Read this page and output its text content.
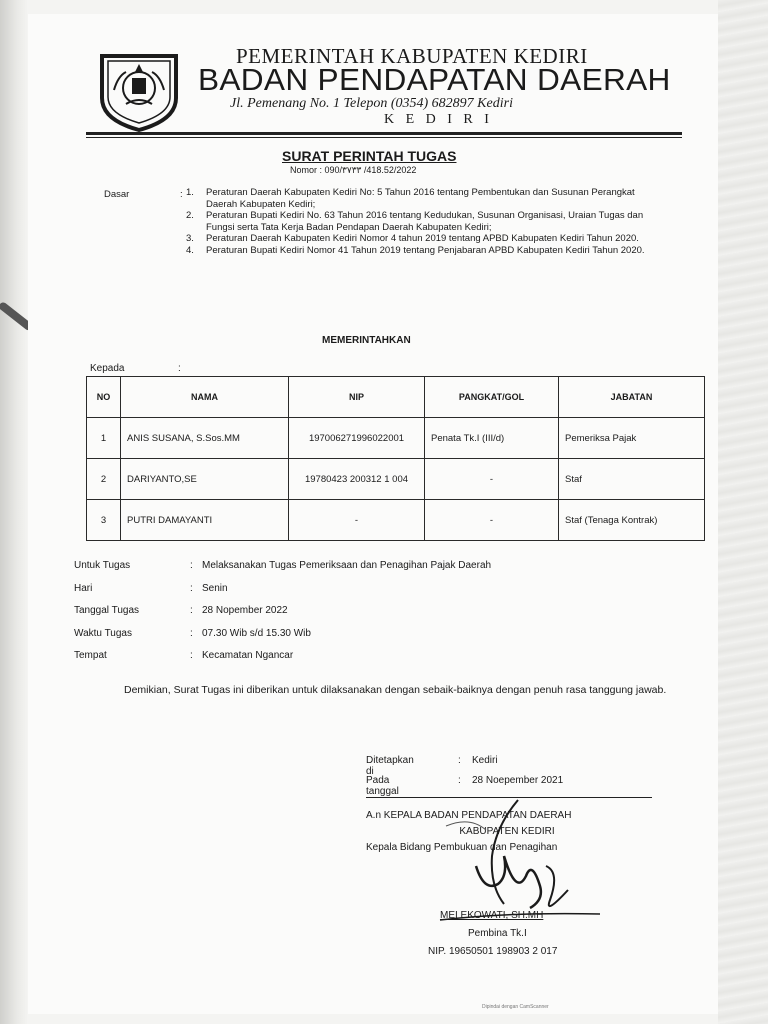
PEMERINTAH KABUPATEN KEDIRI
BADAN PENDAPATAN DAERAH
Jl. Pemenang No. 1 Telepon (0354) 682897 Kediri
K E D I R I
SURAT PERINTAH TUGAS
Nomor : 090/٣٧٣٣ /418.52/2022
Dasar	: 1.	Peraturan Daerah Kabupaten Kediri No: 5 Tahun 2016 tentang Pembentukan dan Susunan Perangkat Daerah Kabupaten Kediri;
2.	Peraturan Bupati Kediri No. 63 Tahun 2016 tentang Kedudukan, Susunan Organisasi, Uraian Tugas dan Fungsi serta Tata Kerja Badan Pendapan Daerah Kabupaten Kediri;
3.	Peraturan Daerah Kabupaten Kediri Nomor 4 tahun 2019 tentang APBD Kabupaten Kediri Tahun 2020.
4.	Peraturan Bupati Kediri Nomor 41 Tahun 2019 tentang Penjabaran APBD Kabupaten Kediri Tahun 2020.
MEMERINTAHKAN
Kepada	:
NO	NAMA	NIP	PANGKAT/GOL	JABATAN
1	ANIS SUSANA, S.Sos.MM	197006271996022001	Penata Tk.I (III/d)	Pemeriksa Pajak
2	DARIYANTO,SE	19780423 200312 1 004	-	Staf
3	PUTRI DAMAYANTI	-	-	Staf (Tenaga Kontrak)
Untuk Tugas	: Melaksanakan Tugas Pemeriksaan dan Penagihan Pajak Daerah
Hari	: Senin
Tanggal Tugas	: 28 Nopember 2022
Waktu Tugas	: 07.30 Wib s/d 15.30 Wib
Tempat	: Kecamatan Ngancar

Demikian, Surat Tugas ini diberikan untuk dilaksanakan dengan sebaik-baiknya dengan penuh rasa tanggung jawab.

Ditetapkan di
: Kediri
Pada tanggal
: 28 Noepember 2021
A.n KEPALA BADAN PENDAPATAN DAERAH
KABUPATEN KEDIRI
Kepala Bidang Pembukuan dan Penagihan
MEI EKOWATI, SH.MH
Pembina Tk.I
NIP. 19650501 198903 2 017
Dipindai dengan CamScanner
